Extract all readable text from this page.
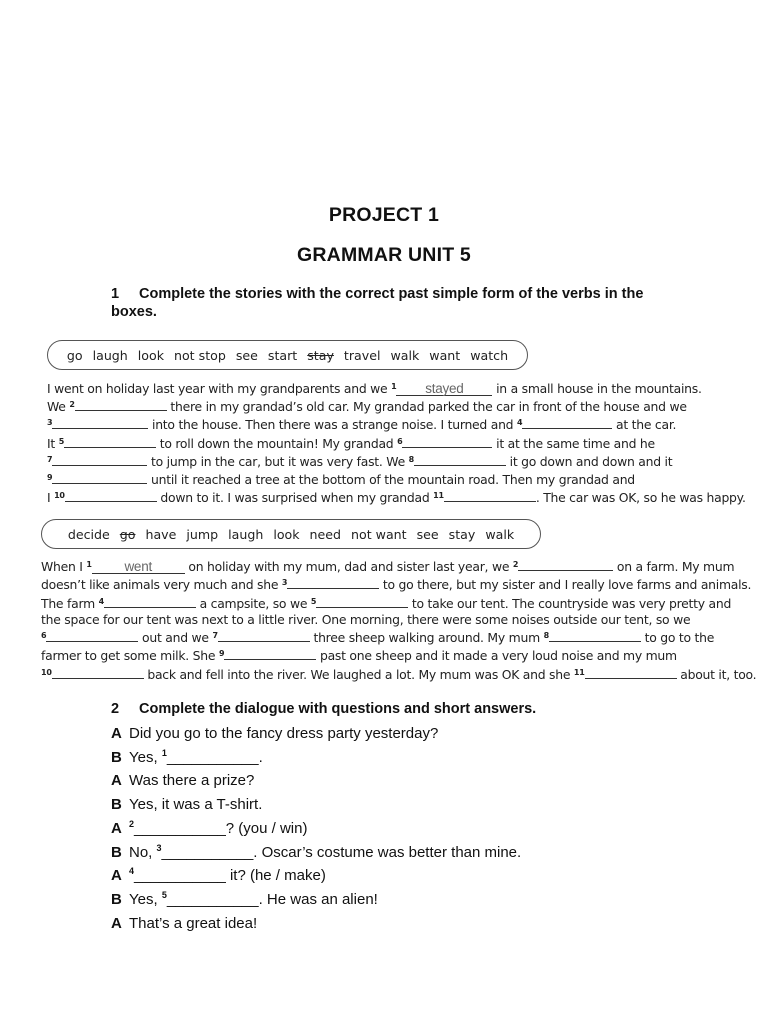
PROJECT 1
GRAMMAR UNIT 5
1 Complete the stories with the correct past simple form of the verbs in the boxes.
go laugh look not stop see start stay travel walk want watch
I went on holiday last year with my grandparents and we $^1$ stayed in a small house in the mountains.
We $^2$	there in my grandad’s old car. My grandad parked the car in front of the house and we
$^3$	into the house. Then there was a strange noise. I turned and $^4$	at the car.
It $^5$	to roll down the mountain! My grandad $^6$	it at the same time and he
$^7$	to jump in the car, but it was very fast. We $^8$	it go down and down and it
$^9$	until it reached a tree at the bottom of the mountain road. Then my grandad and
I $^{10}$	down to it. I was surprised when my grandad $^{11}$	. The car was OK, so he was happy.
decide go have jump laugh look need not want see stay walk
When I $^1$ went	on holiday with my mum, dad and sister last year, we $^2$	on a farm. My mum
doesn’t like animals very much and she $^3$	to go there, but my sister and I really love farms and animals.
The farm $^4$	a campsite, so we $^5$	to take our tent. The countryside was very pretty and
the space for our tent was next to a little river. One morning, there were some noises outside our tent, so we
$^6$	out and we $^7$	three sheep walking around. My mum $^8$	to go to the
farmer to get some milk. She $^9$	past one sheep and it made a very loud noise and my mum
$^{10}$	back and fell into the river. We laughed a lot. My mum was OK and she $^{11}$	about it, too.
2 Complete the dialogue with questions and short answers.
A Did you go to the fancy dress party yesterday?
B Yes, $^1$___________.
A Was there a prize?
B Yes, it was a T-shirt.
A $^2$___________? (you / win)
B No, $^3$___________. Oscar’s costume was better than mine.
A $^4$___________ it? (he / make)
B Yes, $^5$___________. He was an alien!
A That’s a great idea!
